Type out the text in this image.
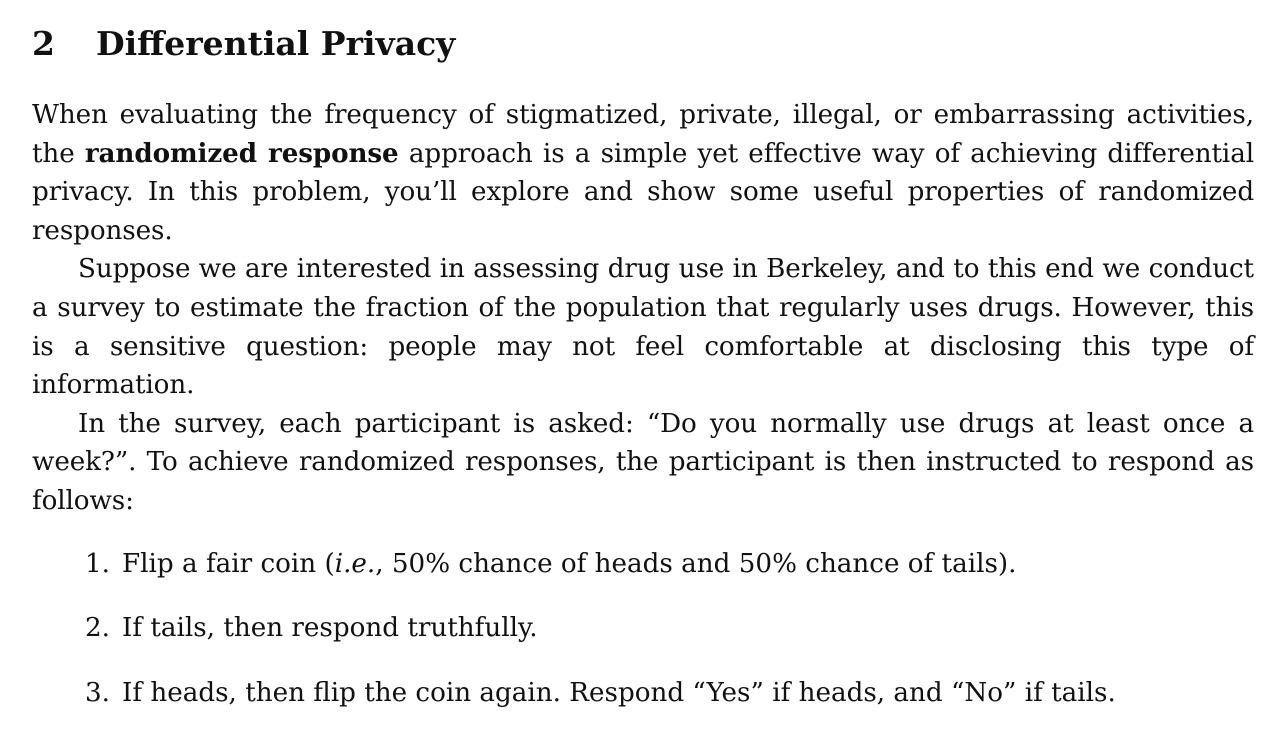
2 Differential Privacy

When evaluating the frequency of stigmatized, private, illegal, or embarrassing activities, the randomized response approach is a simple yet effective way of achieving differential privacy. In this problem, you’ll explore and show some useful properties of randomized responses.

Suppose we are interested in assessing drug use in Berkeley, and to this end we conduct a survey to estimate the fraction of the population that regularly uses drugs. However, this is a sensitive question: people may not feel comfortable at disclosing this type of information.

In the survey, each participant is asked: “Do you normally use drugs at least once a week?”. To achieve randomized responses, the participant is then instructed to respond as follows:

1. Flip a fair coin (i.e., 50% chance of heads and 50% chance of tails).
2. If tails, then respond truthfully.
3. If heads, then flip the coin again. Respond “Yes” if heads, and “No” if tails.
